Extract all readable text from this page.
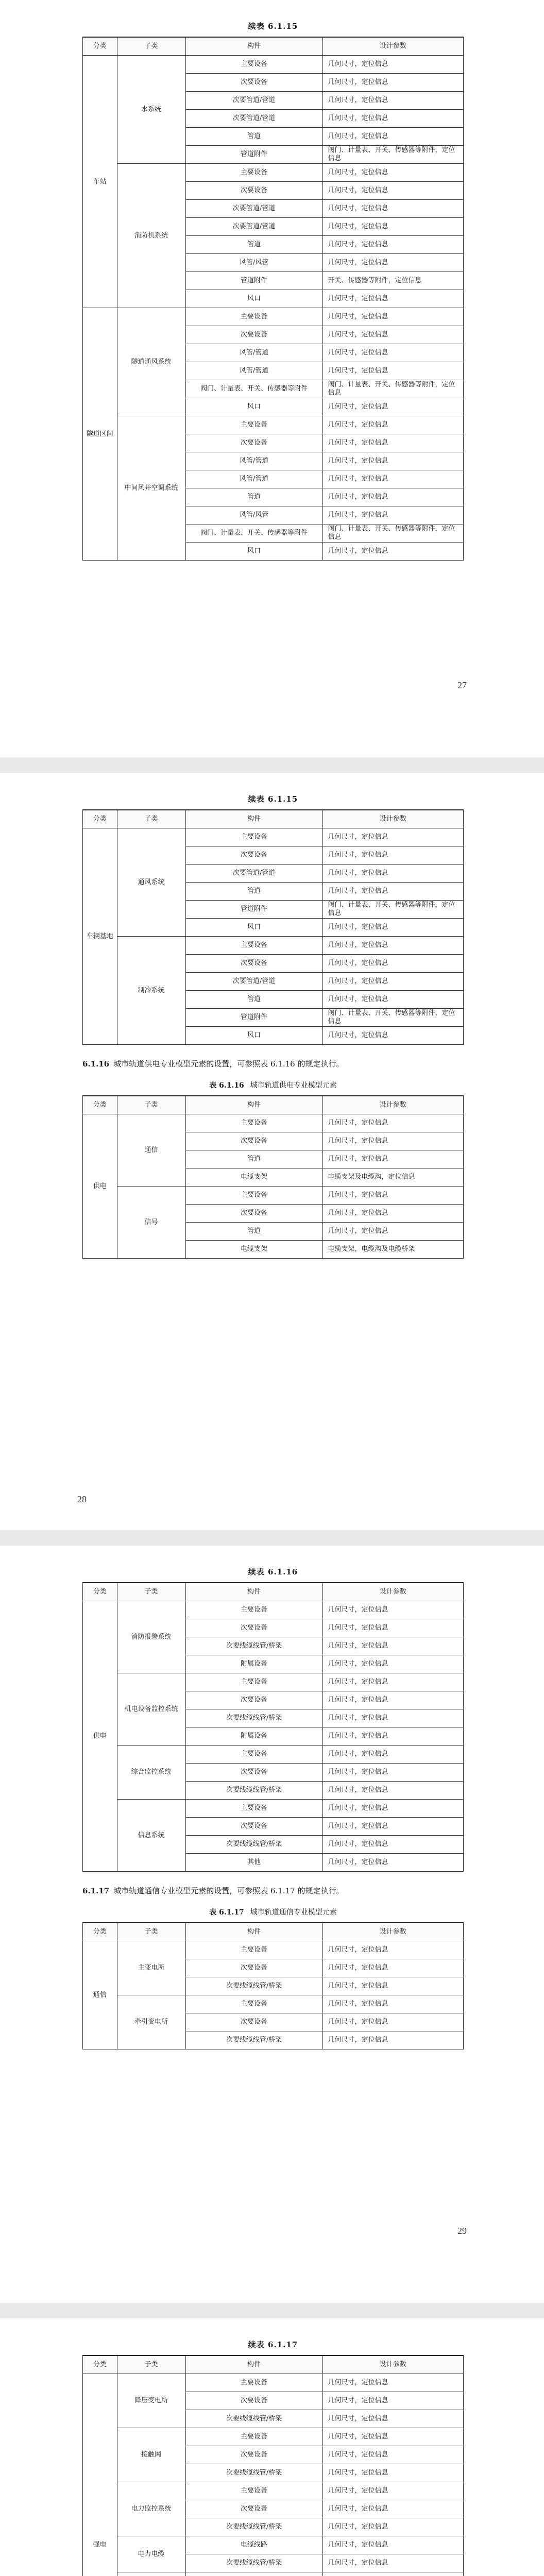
续表 6.1.15
分类	子类	构件	设计参数
车站	水系统	主要设备	几何尺寸，定位信息
		次要设备	几何尺寸，定位信息
		次要管道/管道	几何尺寸，定位信息
		次要管道/管道	几何尺寸，定位信息
		管道	几何尺寸，定位信息
		管道附件	阀门、计量表、开关、传感器等附件，定位信息
	消防机系统	主要设备	几何尺寸，定位信息
		次要设备	几何尺寸，定位信息
		次要管道/管道	几何尺寸，定位信息
		次要管道/管道	几何尺寸，定位信息
		管道	几何尺寸，定位信息
		风管/风管	几何尺寸，定位信息
		管道附件	开关、传感器等附件，定位信息
		风口	几何尺寸，定位信息
隧道区间	隧道通风系统	主要设备	几何尺寸，定位信息
		次要设备	几何尺寸，定位信息
		风管/管道	几何尺寸，定位信息
		风管/管道	几何尺寸，定位信息
		阀门、计量表、开关、传感器等附件	阀门、计量表、开关、传感器等附件，定位信息
		风口	几何尺寸，定位信息
	中间风井空调系统	主要设备	几何尺寸，定位信息
		次要设备	几何尺寸，定位信息
		风管/管道	几何尺寸，定位信息
		风管/管道	几何尺寸，定位信息
		管道	几何尺寸，定位信息
		风管/风管	几何尺寸，定位信息
		阀门、计量表、开关、传感器等附件	阀门、计量表、开关、传感器等附件，定位信息
		风口	几何尺寸，定位信息
27
续表 6.1.15
分类	子类	构件	设计参数
车辆基地	通风系统	主要设备	几何尺寸，定位信息
		次要设备	几何尺寸，定位信息
		次要管道/管道	几何尺寸，定位信息
		管道	几何尺寸，定位信息
		管道附件	阀门、计量表、开关、传感器等附件，定位信息
		风口	几何尺寸，定位信息
	制冷系统	主要设备	几何尺寸，定位信息
		次要设备	几何尺寸，定位信息
		次要管道/管道	几何尺寸，定位信息
		管道	几何尺寸，定位信息
		管道附件	阀门、计量表、开关、传感器等附件，定位信息
		风口	几何尺寸，定位信息
6.1.16 城市轨道供电专业模型元素的设置，可参照表 6.1.16 的规定执行。
表 6.1.16 城市轨道供电专业模型元素
分类	子类	构件	设计参数
供电	通信	主要设备	几何尺寸，定位信息
		次要设备	几何尺寸，定位信息
		管道	几何尺寸，定位信息
		电缆支架	电缆支架及电缆沟，定位信息
	信号	主要设备	几何尺寸，定位信息
		次要设备	几何尺寸，定位信息
		管道	几何尺寸，定位信息
		电缆支架	电缆支架，电缆沟及电缆桥架
28
续表 6.1.16
分类	子类	构件	设计参数
供电	消防报警系统	主要设备	几何尺寸，定位信息
		次要设备	几何尺寸，定位信息
		次要线缆线管/桥架	几何尺寸，定位信息
		附属设备	几何尺寸，定位信息
	机电设备监控系统	主要设备	几何尺寸，定位信息
		次要设备	几何尺寸，定位信息
		次要线缆线管/桥架	几何尺寸，定位信息
		附属设备	几何尺寸，定位信息
	综合监控系统	主要设备	几何尺寸，定位信息
		次要设备	几何尺寸，定位信息
		次要线缆线管/桥架	几何尺寸，定位信息
	信息系统	主要设备	几何尺寸，定位信息
		次要设备	几何尺寸，定位信息
		次要线缆线管/桥架	几何尺寸，定位信息
		其他	几何尺寸，定位信息
6.1.17 城市轨道通信专业模型元素的设置，可参照表 6.1.17 的规定执行。
表 6.1.17 城市轨道通信专业模型元素
分类	子类	构件	设计参数
通信	主变电所	主要设备	几何尺寸，定位信息
		次要设备	几何尺寸，定位信息
		次要线缆线管/桥架	几何尺寸，定位信息
	牵引变电所	主要设备	几何尺寸，定位信息
		次要设备	几何尺寸，定位信息
		次要线缆线管/桥架	几何尺寸，定位信息
29
续表 6.1.17
分类	子类	构件	设计参数
强电	降压变电所	主要设备	几何尺寸，定位信息
		次要设备	几何尺寸，定位信息
		次要线缆线管/桥架	几何尺寸，定位信息
	接触网	主要设备	几何尺寸，定位信息
		次要设备	几何尺寸，定位信息
		次要线缆线管/桥架	几何尺寸，定位信息
	电力监控系统	主要设备	几何尺寸，定位信息
		次要设备	几何尺寸，定位信息
		次要线缆线管/桥架	几何尺寸，定位信息
	电力电缆	电缆线路	几何尺寸，定位信息
		次要线缆线管/桥架	几何尺寸，定位信息
